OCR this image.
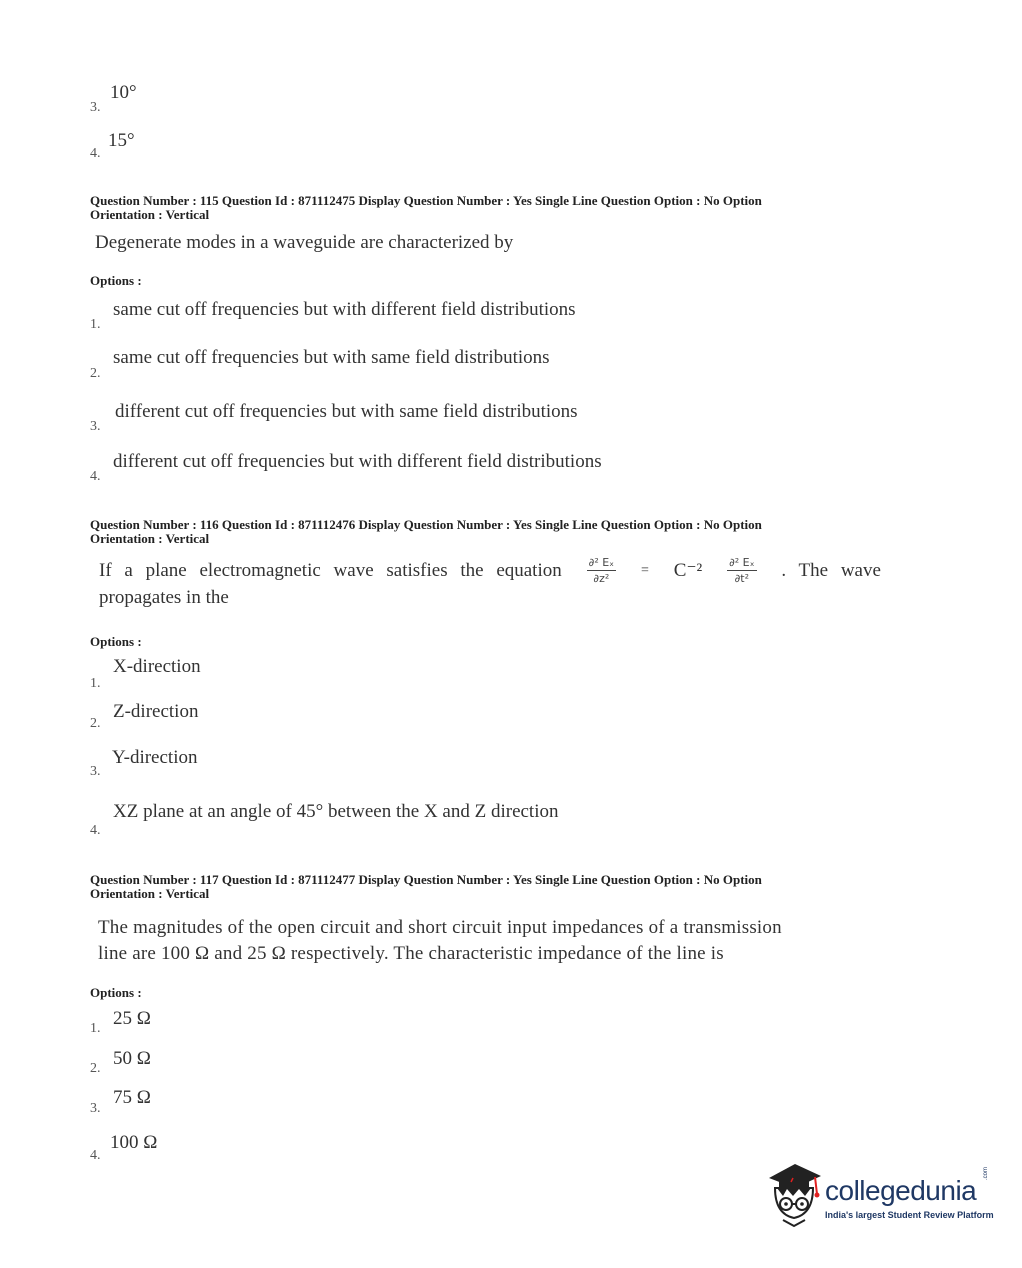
10°
3.
15°
4.
Question Number : 115 Question Id : 871112475 Display Question Number : Yes Single Line Question Option : No Option
Orientation : Vertical
Degenerate modes in a waveguide are characterized by
Options :
same cut off frequencies but with different field distributions
1.
same cut off frequencies but with same field distributions
2.
different cut off frequencies but with same field distributions
3.
different cut off frequencies but with different field distributions
4.
Question Number : 116 Question Id : 871112476 Display Question Number : Yes Single Line Question Option : No Option
Orientation : Vertical
If a plane electromagnetic wave satisfies the equation $\frac{\text{∂² Eₓ}}{\text{∂z²}} = C^{-2} \frac{\text{∂² Eₓ}}{\text{∂t²}}$ . The wave
propagates in the
Options :
X-direction
1.
Z-direction
2.
Y-direction
3.
XZ plane at an angle of 45° between the X and Z direction
4.
Question Number : 117 Question Id : 871112477 Display Question Number : Yes Single Line Question Option : No Option
Orientation : Vertical
The magnitudes of the open circuit and short circuit input impedances of a transmission
line are 100 Ω and 25 Ω respectively. The characteristic impedance of the line is
Options :
25 Ω
1.
50 Ω
2.
75 Ω
3.
100 Ω
4.
collegedunia
.com
India's largest Student Review Platform
